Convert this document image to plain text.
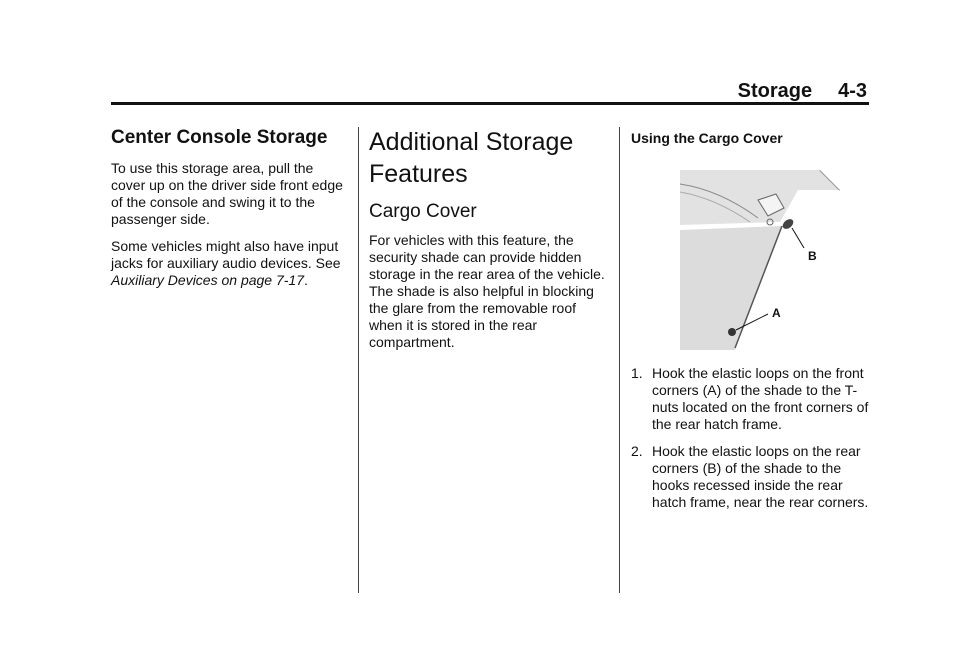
Storage 4-3
Center Console Storage

To use this storage area, pull the cover up on the driver side front edge of the console and swing it to the passenger side.

Some vehicles might also have input jacks for auxiliary audio devices. See Auxiliary Devices on page 7-17.

Additional Storage Features
Cargo Cover

For vehicles with this feature, the security shade can provide hidden storage in the rear area of the vehicle. The shade is also helpful in blocking the glare from the removable roof when it is stored in the rear compartment.

Using the Cargo Cover

B
A
1. Hook the elastic loops on the front corners (A) of the shade to the T-nuts located on the front corners of the rear hatch frame.
2. Hook the elastic loops on the rear corners (B) of the shade to the hooks recessed inside the rear hatch frame, near the rear corners.
